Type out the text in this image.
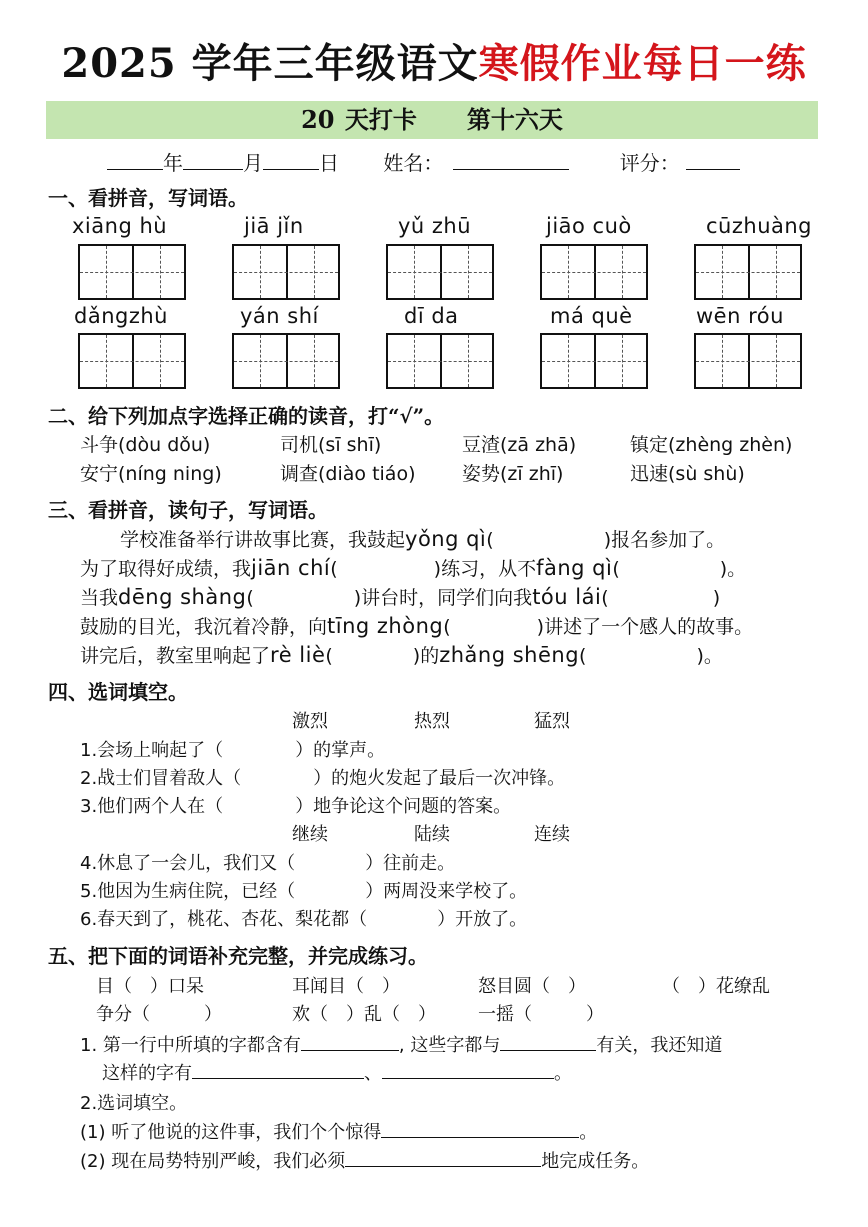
2025 学年三年级语文寒假作业每日一练
20 天打卡 第十六天
年	月	日 姓名：	评分：
一、看拼音，写词语。
xiāng hù	jiā jǐn	yǔ zhū	jiāo cuò	cūzhuàng
dǎngzhù	yán shí	dī da	má què	wēn róu
二、给下列加点字选择正确的读音，打“√”。
斗争(dòu dǒu)	司机(sī shī)	豆渣(zā zhā)	镇定(zhèng zhèn)
安宁(níng ning)	调查(diào tiáo) 姿势(zī zhī)	迅速(sù shù)
三、看拼音，读句子，写词语。
学校准备举行讲故事比赛，我鼓起yǒng qì(	)报名参加了。
为了取得好成绩，我jiān chí(	)练习，从不fàng qì(	)。
当我dēng shàng(	)讲台时，同学们向我tóu lái(	)
鼓励的目光，我沉着冷静，向tīng zhòng(	)讲述了一个感人的故事。
讲完后，教室里响起了rè liè(	)的zhǎng shēng(	)。
四、选词填空。
激烈	热烈	猛烈
1.会场上响起了（	）的掌声。
2.战士们冒着敌人（	）的炮火发起了最后一次冲锋。
3.他们两个人在（	）地争论这个问题的答案。
继续	陆续	连续
4.休息了一会儿，我们又（	）往前走。
5.他因为生病住院，已经（	）两周没来学校了。
6.春天到了，桃花、杏花、梨花都（	）开放了。
五、把下面的词语补充完整，并完成练习。
目（　）口呆	耳闻目（　）	怒目圆（　）	（　）花缭乱
争分（　　　）	欢（　）乱（　） 一摇（　　　）
1. 第一行中所填的字都含有	, 这些字都与	有关，我还知道
这样的字有	、	。
2.选词填空。
(1) 听了他说的这件事，我们个个惊得	。
(2) 现在局势特别严峻，我们必须	地完成任务。
